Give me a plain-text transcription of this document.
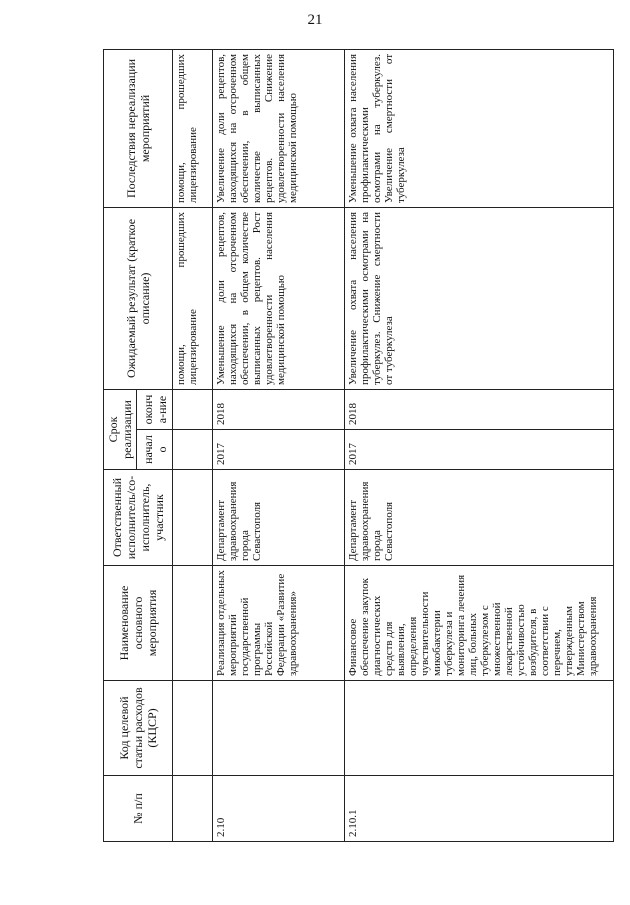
21
№ п/п	Код целевой статьи расходов (КЦСР)	Наименование основного мероприятия	Ответственный исполнитель/со-исполнитель, участник	Срок реализации		Ожидаемый результат (краткое описание)	Последствия нереализации мероприятий
				начало	оконча-ние		
						помощи, прошедших лицензирование	помощи, прошедших лицензирование
2.10		Реализация отдельных мероприятий государственной программы Российской Федерации «Развитие здравоохранения»	Департамент здравоохранения города Севастополя	2017	2018	Уменьшение доли рецептов, находящихся на отсроченном обеспечении, в общем количестве выписанных рецептов. Рост удовлетворенности населения медицинской помощью	Увеличение доли рецептов, находящихся на отсроченном обеспечении, в общем количестве выписанных рецептов. Снижение удовлетворенности населения медицинской помощью
2.10.1		Финансовое обеспечение закупок диагностических средств для выявления, определения чувствительности микобактерии туберкулеза и мониторинга лечения лиц, больных туберкулезом с множественной лекарственной устойчивостью возбудителя, в соответствии с перечнем, утвержденным Министерством здравоохранения	Департамент здравоохранения города Севастополя	2017	2018	Увеличение охвата населения профилактическими осмотрами на туберкулез. Снижение смертности от туберкулеза	Уменьшение охвата населения профилактическими осмотрами на туберкулез. Увеличение смертности от туберкулеза
